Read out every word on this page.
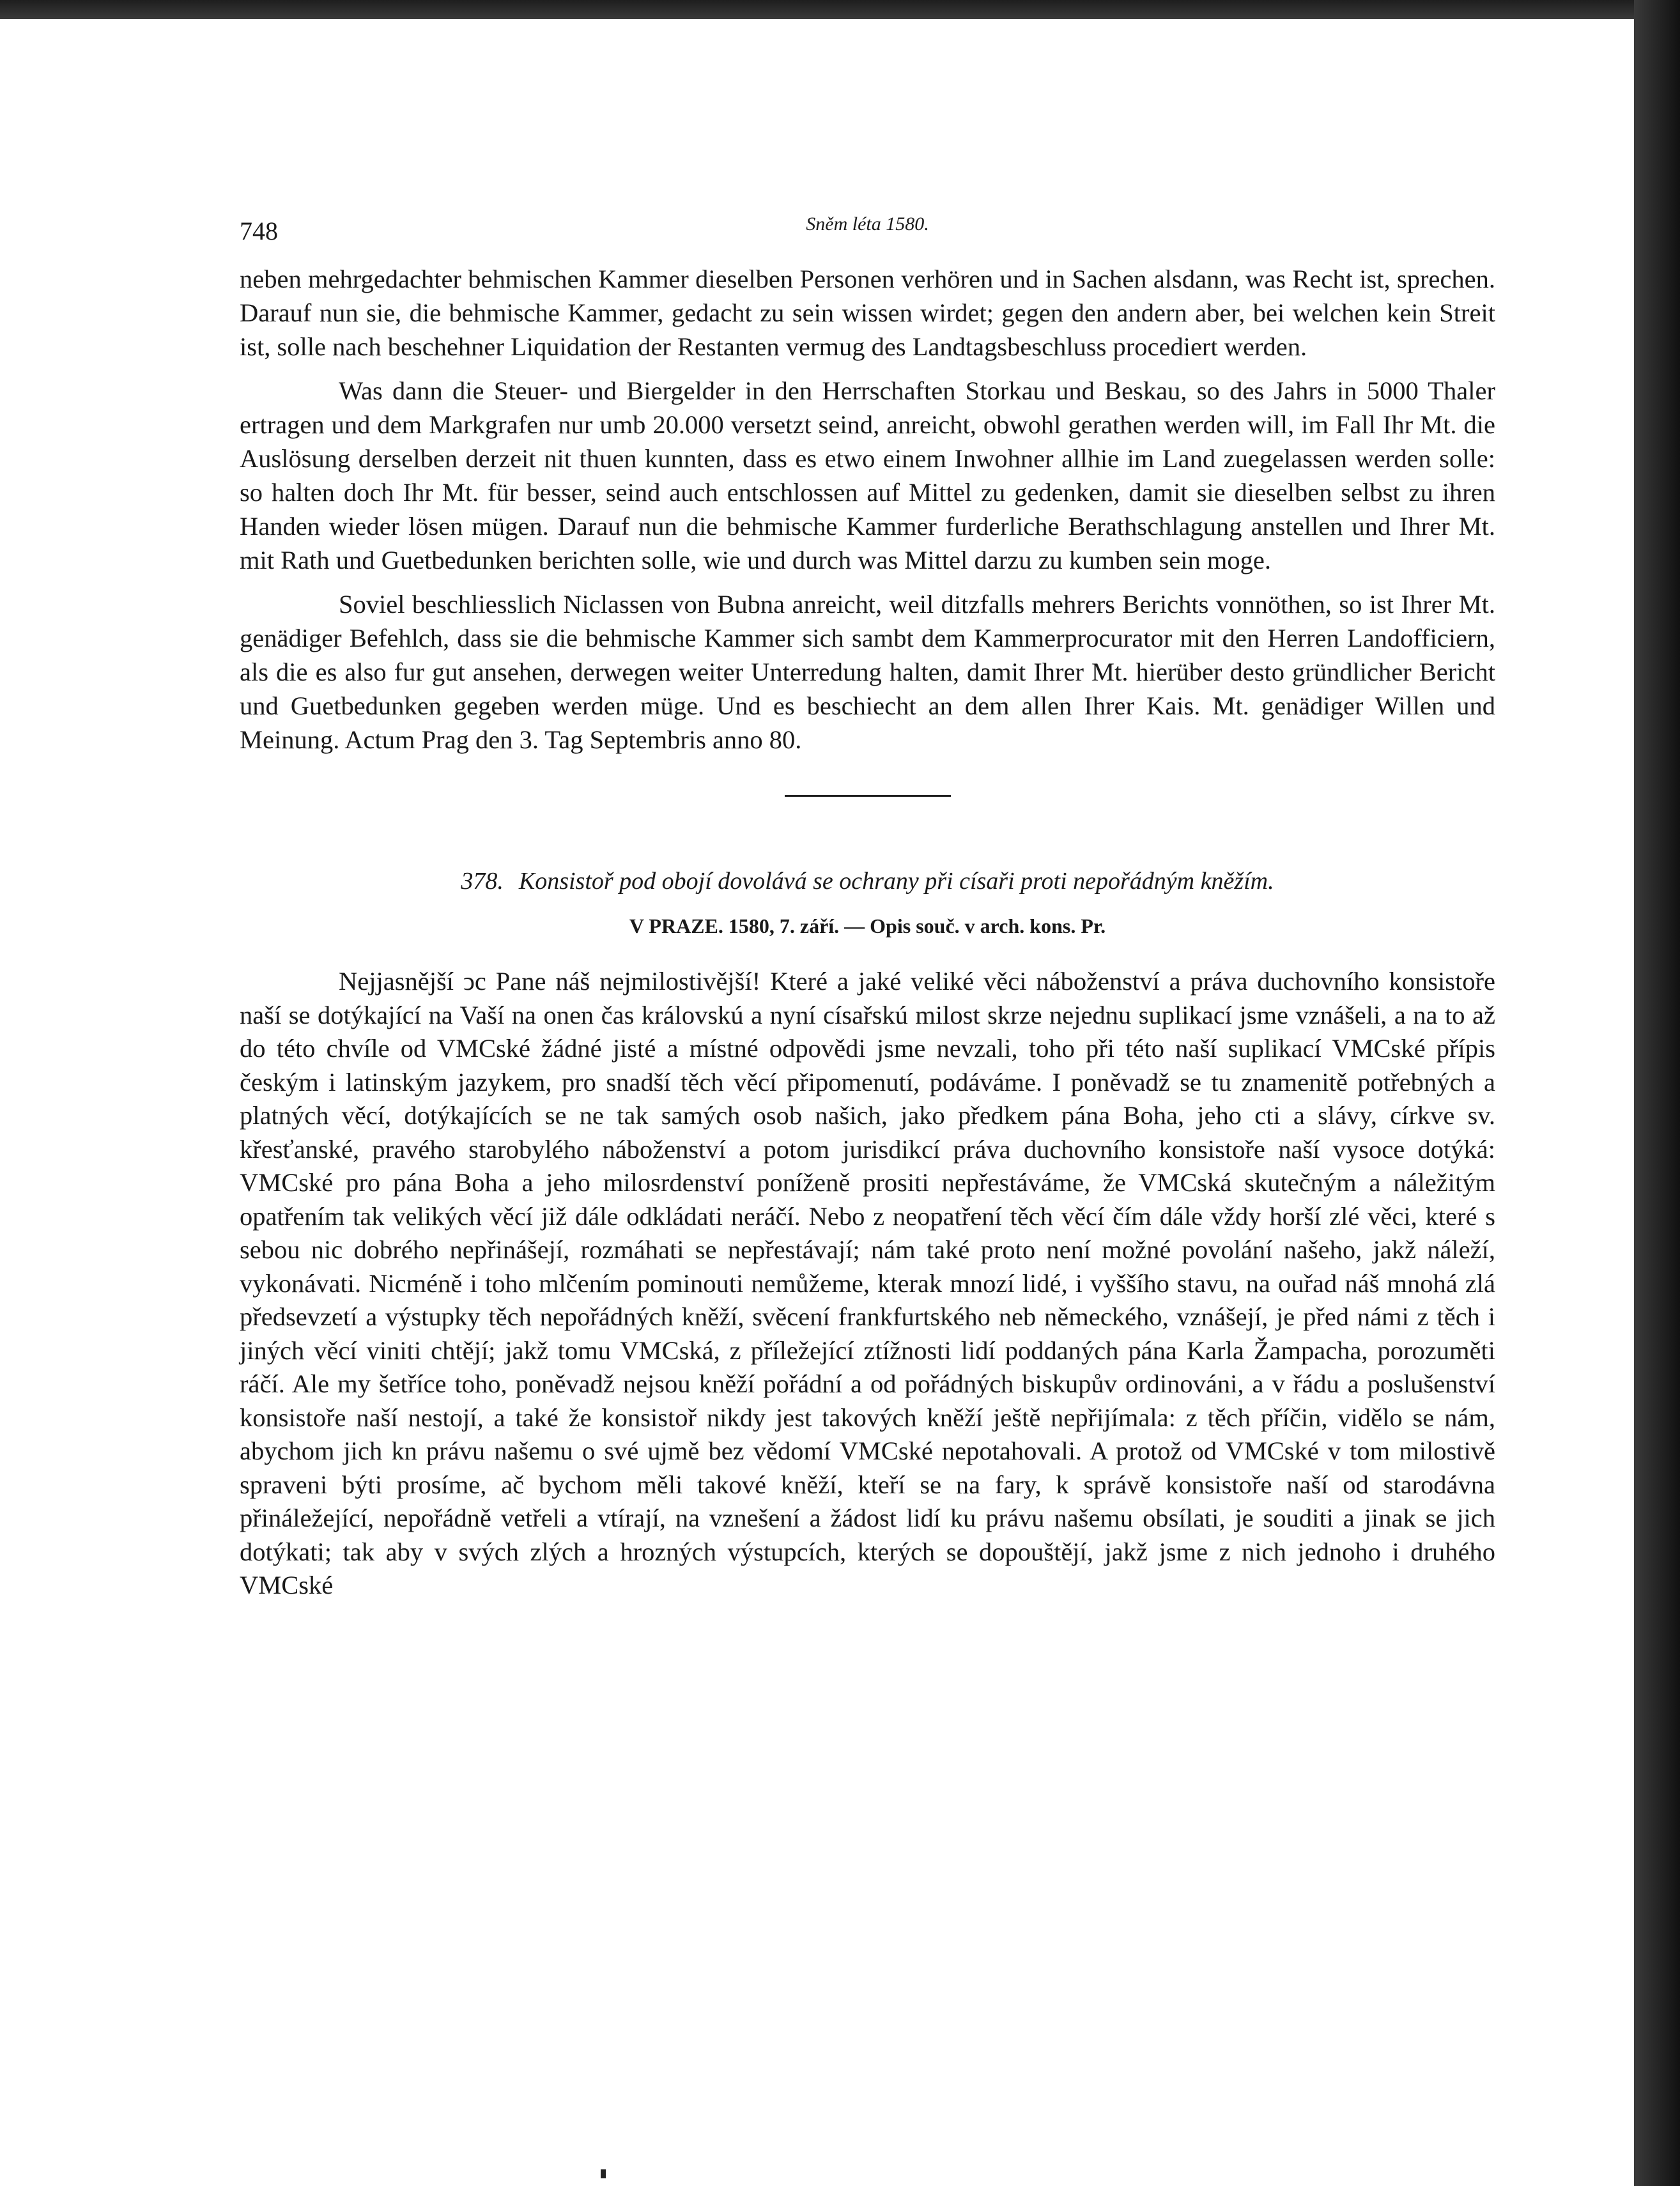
748	Sněm léta 1580.

neben mehrgedachter behmischen Kammer dieselben Personen verhören und in Sachen alsdann, was Recht ist, sprechen. Darauf nun sie, die behmische Kammer, gedacht zu sein wissen wirdet; gegen den andern aber, bei welchen kein Streit ist, solle nach beschehner Liquidation der Restanten vermug des Landtagsbeschluss procediert werden.

Was dann die Steuer- und Biergelder in den Herrschaften Storkau und Beskau, so des Jahrs in 5000 Thaler ertragen und dem Markgrafen nur umb 20.000 versetzt seind, anreicht, obwohl gerathen werden will, im Fall Ihr Mt. die Auslösung derselben derzeit nit thuen kunnten, dass es etwo einem Inwohner allhie im Land zuegelassen werden solle: so halten doch Ihr Mt. für besser, seind auch entschlossen auf Mittel zu gedenken, damit sie dieselben selbst zu ihren Handen wieder lösen mügen. Darauf nun die behmische Kammer furderliche Berathschlagung anstellen und Ihrer Mt. mit Rath und Guetbedunken berichten solle, wie und durch was Mittel darzu zu kumben sein moge.

Soviel beschliesslich Niclassen von Bubna anreicht, weil ditzfalls mehrers Berichts vonnöthen, so ist Ihrer Mt. genädiger Befehlch, dass sie die behmische Kammer sich sambt dem Kammerprocurator mit den Herren Landofficiern, als die es also fur gut ansehen, derwegen weiter Unterredung halten, damit Ihrer Mt. hierüber desto gründlicher Bericht und Guetbedunken gegeben werden müge. Und es beschiecht an dem allen Ihrer Kais. Mt. genädiger Willen und Meinung. Actum Prag den 3. Tag Septembris anno 80.

378. Konsistoř pod obojí dovolává se ochrany při císaři proti nepořádným kněžím.
V PRAZE. 1580, 7. září. — Opis souč. v arch. kons. Pr.

Nejjasnější ↄc Pane náš nejmilostivější! Které a jaké veliké věci náboženství a práva duchovního konsistoře naší se dotýkající na Vaší na onen čas královskú a nyní císařskú milost skrze nejednu suplikací jsme vznášeli, a na to až do této chvíle od VMCské žádné jisté a místné odpovědi jsme nevzali, toho při této naší suplikací VMCské přípis českým i latinským jazykem, pro snadší těch věcí připomenutí, podáváme. I poněvadž se tu znamenitě potřebných a platných věcí, dotýkajících se ne tak samých osob našich, jako předkem pána Boha, jeho cti a slávy, církve sv. křesťanské, pravého starobylého náboženství a potom jurisdikcí práva duchovního konsistoře naší vysoce dotýká: VMCské pro pána Boha a jeho milosrdenství poníženě prositi nepřestáváme, že VMCská skutečným a náležitým opatřením tak velikých věcí již dále odkládati neráčí. Nebo z neopatření těch věcí čím dále vždy horší zlé věci, které s sebou nic dobrého nepřinášejí, rozmáhati se nepřestávají; nám také proto není možné povolání našeho, jakž náleží, vykonávati. Nicméně i toho mlčením pominouti nemůžeme, kterak mnozí lidé, i vyššího stavu, na ouřad náš mnohá zlá předsevzetí a výstupky těch nepořádných kněží, svěcení frankfurtského neb německého, vznášejí, je před námi z těch i jiných věcí viniti chtějí; jakž tomu VMCská, z příležející ztížnosti lidí poddaných pána Karla Žampacha, porozuměti ráčí. Ale my šetříce toho, poněvadž nejsou kněží pořádní a od pořádných biskupův ordinováni, a v řádu a poslušenství konsistoře naší nestojí, a také že konsistoř nikdy jest takových kněží ještě nepřijímala: z těch příčin, vidělo se nám, abychom jich kn právu našemu o své ujmě bez vědomí VMCské nepotahovali. A protož od VMCské v tom milostivě spraveni býti prosíme, ač bychom měli takové kněží, kteří se na fary, k správě konsistoře naší od starodávna přináležející, nepořádně vetřeli a vtírají, na vznešení a žádost lidí ku právu našemu obsílati, je souditi a jinak se jich dotýkati; tak aby v svých zlých a hrozných výstupcích, kterých se dopouštějí, jakž jsme z nich jednoho i druhého VMCské
